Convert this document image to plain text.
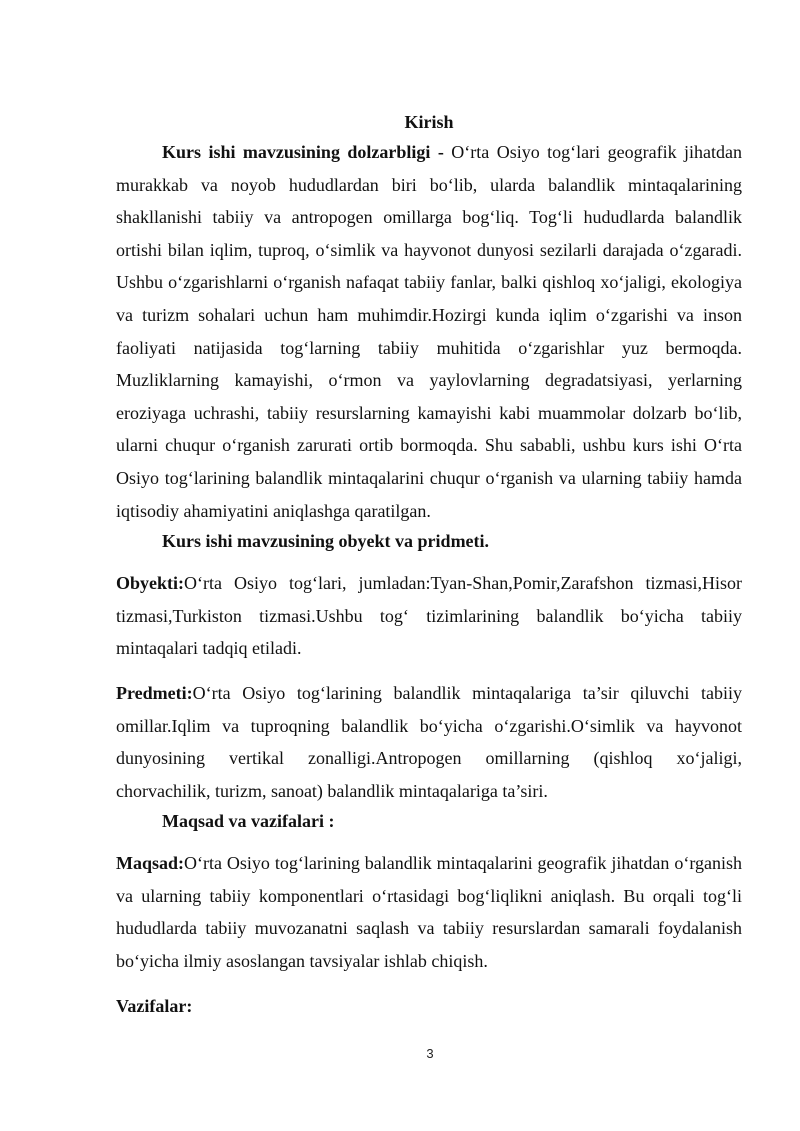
Kirish

Kurs ishi mavzusining dolzarbligi - O‘rta Osiyo tog‘lari geografik jihatdan murakkab va noyob hududlardan biri bo‘lib, ularda balandlik mintaqalarining shakllanishi tabiiy va antropogen omillarga bog‘liq. Tog‘li hududlarda balandlik ortishi bilan iqlim, tuproq, o‘simlik va hayvonot dunyosi sezilarli darajada o‘zgaradi. Ushbu o‘zgarishlarni o‘rganish nafaqat tabiiy fanlar, balki qishloq xo‘jaligi, ekologiya va turizm sohalari uchun ham muhimdir.Hozirgi kunda iqlim o‘zgarishi va inson faoliyati natijasida tog‘larning tabiiy muhitida o‘zgarishlar yuz bermoqda. Muzliklarning kamayishi, o‘rmon va yaylovlarning degradatsiyasi, yerlarning eroziyaga uchrashi, tabiiy resurslarning kamayishi kabi muammolar dolzarb bo‘lib, ularni chuqur o‘rganish zarurati ortib bormoqda. Shu sababli, ushbu kurs ishi O‘rta Osiyo tog‘larining balandlik mintaqalarini chuqur o‘rganish va ularning tabiiy hamda iqtisodiy ahamiyatini aniqlashga qaratilgan.

Kurs ishi mavzusining obyekt va pridmeti.

Obyekti:O‘rta Osiyo tog‘lari, jumladan:Tyan-Shan,Pomir,Zarafshon tizmasi,Hisor tizmasi,Turkiston tizmasi.Ushbu tog‘ tizimlarining balandlik bo‘yicha tabiiy mintaqalari tadqiq etiladi.

Predmeti:O‘rta Osiyo tog‘larining balandlik mintaqalariga ta’sir qiluvchi tabiiy omillar.Iqlim va tuproqning balandlik bo‘yicha o‘zgarishi.O‘simlik va hayvonot dunyosining vertikal zonalligi.Antropogen omillarning (qishloq xo‘jaligi, chorvachilik, turizm, sanoat) balandlik mintaqalariga ta’siri.

Maqsad va vazifalari :

Maqsad:O‘rta Osiyo tog‘larining balandlik mintaqalarini geografik jihatdan o‘rganish va ularning tabiiy komponentlari o‘rtasidagi bog‘liqlikni aniqlash. Bu orqali tog‘li hududlarda tabiiy muvozanatni saqlash va tabiiy resurslardan samarali foydalanish bo‘yicha ilmiy asoslangan tavsiyalar ishlab chiqish.

Vazifalar:

3
